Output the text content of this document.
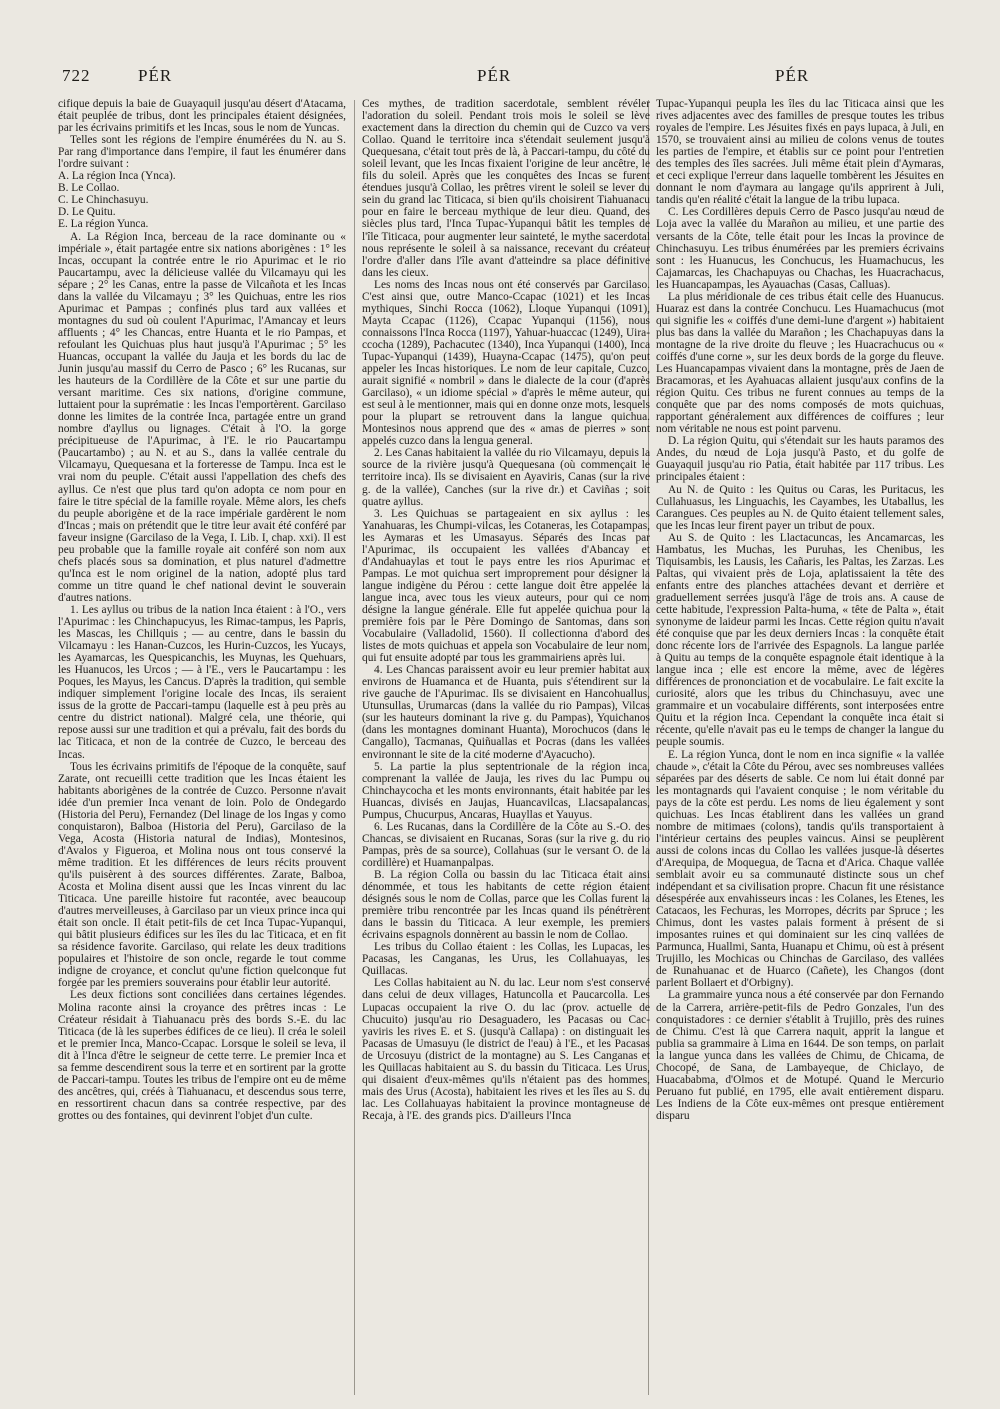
722	PÉR	PÉR	PÉR

cifique depuis la baie de Guayaquil jusqu'au désert d'Atacama, était peuplée de tribus, dont les principales étaient désignées, par les écrivains primitifs et les Incas, sous le nom de Yuncas.

Telles sont les régions de l'empire énumérées du N. au S. Par rang d'importance dans l'empire, il faut les énumérer dans l'ordre suivant :

A. La région Inca (Ynca).

B. Le Collao.

C. Le Chinchasuyu.

D. Le Quitu.

E. La région Yunca.

A. La Région Inca, berceau de la race dominante ou « impériale », était partagée entre six nations aborigènes : 1° les Incas, occupant la contrée entre le rio Apurimac et le rio Paucartampu, avec la délicieuse vallée du Vilcamayu qui les sépare ; 2° les Canas, entre la passe de Vilcañota et les Incas dans la vallée du Vilcamayu ; 3° les Quichuas, entre les rios Apurimac et Pampas ; confinés plus tard aux vallées et montagnes du sud où coulent l'Apurimac, l'Amancay et leurs affluents ; 4° les Chancas, entre Huanta et le rio Pampas, et refoulant les Quichuas plus haut jusqu'à l'Apurimac ; 5° les Huancas, occupant la vallée du Jauja et les bords du lac de Junin jusqu'au massif du Cerro de Pasco ; 6° les Rucanas, sur les hauteurs de la Cordillère de la Côte et sur une partie du versant maritime. Ces six nations, d'origine commune, luttaient pour la suprématie : les Incas l'emportèrent. Garcilaso donne les limites de la contrée Inca, partagée entre un grand nombre d'ayllus ou lignages. C'était à l'O. la gorge précipitueuse de l'Apurimac, à l'E. le rio Paucartampu (Paucartambo) ; au N. et au S., dans la vallée centrale du Vilcamayu, Quequesana et la forteresse de Tampu. Inca est le vrai nom du peuple. C'était aussi l'appellation des chefs des ayllus. Ce n'est que plus tard qu'on adopta ce nom pour en faire le titre spécial de la famille royale. Même alors, les chefs du peuple aborigène et de la race impériale gardèrent le nom d'Incas ; mais on prétendit que le titre leur avait été conféré par faveur insigne (Garcilaso de la Vega, I. Lib. I, chap. xxi). Il est peu probable que la famille royale ait conféré son nom aux chefs placés sous sa domination, et plus naturel d'admettre qu'Inca est le nom originel de la nation, adopté plus tard comme un titre quand le chef national devint le souverain d'autres nations.

1. Les ayllus ou tribus de la nation Inca étaient : à l'O., vers l'Apurimac : les Chinchapucyus, les Rimac-tampus, les Papris, les Mascas, les Chillquis ; — au centre, dans le bassin du Vilcamayu : les Hanan-Cuzcos, les Hurin-Cuzcos, les Yucays, les Ayamarcas, les Quespicanchis, les Muynas, les Quehuars, les Huanucos, les Urcos ; — à l'E., vers le Paucartampu : les Poques, les Mayus, les Cancus. D'après la tradition, qui semble indiquer simplement l'origine locale des Incas, ils seraient issus de la grotte de Paccari-tampu (laquelle est à peu près au centre du district national). Malgré cela, une théorie, qui repose aussi sur une tradition et qui a prévalu, fait des bords du lac Titicaca, et non de la contrée de Cuzco, le berceau des Incas.

Tous les écrivains primitifs de l'époque de la conquête, sauf Zarate, ont recueilli cette tradition que les Incas étaient les habitants aborigènes de la contrée de Cuzco. Personne n'avait idée d'un premier Inca venant de loin. Polo de Ondegardo (Historia del Peru), Fernandez (Del linage de los Ingas y como conquistaron), Balboa (Historia del Peru), Garcilaso de la Vega, Acosta (Historia natural de Indias), Montesinos, d'Avalos y Figueroa, et Molina nous ont tous conservé la même tradition. Et les différences de leurs récits prouvent qu'ils puisèrent à des sources différentes. Zarate, Balboa, Acosta et Molina disent aussi que les Incas vinrent du lac Titicaca. Une pareille histoire fut racontée, avec beaucoup d'autres merveilleuses, à Garcilaso par un vieux prince inca qui était son oncle. Il était petit-fils de cet Inca Tupac-Yupanqui, qui bâtit plusieurs édifices sur les îles du lac Titicaca, et en fit sa résidence favorite. Garcilaso, qui relate les deux traditions populaires et l'histoire de son oncle, regarde le tout comme indigne de croyance, et conclut qu'une fiction quelconque fut forgée par les premiers souverains pour établir leur autorité.

Les deux fictions sont conciliées dans certaines légendes. Molina raconte ainsi la croyance des prêtres incas : Le Créateur résidait à Tiahuanacu près des bords S.-E. du lac Titicaca (de là les superbes édifices de ce lieu). Il créa le soleil et le premier Inca, Manco-Ccapac. Lorsque le soleil se leva, il dit à l'Inca d'être le seigneur de cette terre. Le premier Inca et sa femme descendirent sous la terre et en sortirent par la grotte de Paccari-tampu. Toutes les tribus de l'empire ont eu de même des ancêtres, qui, créés à Tiahuanacu, et descendus sous terre, en ressortirent chacun dans sa contrée respective, par des grottes ou des fontaines, qui devinrent l'objet d'un culte.

Ces mythes, de tradition sacerdotale, semblent révéler l'adoration du soleil. Pendant trois mois le soleil se lève exactement dans la direction du chemin qui de Cuzco va vers Collao. Quand le territoire inca s'étendait seulement jusqu'à Quequesana, c'était tout près de là, à Paccari-tampu, du côté du soleil levant, que les Incas fixaient l'origine de leur ancêtre, le fils du soleil. Après que les conquêtes des Incas se furent étendues jusqu'à Collao, les prêtres virent le soleil se lever du sein du grand lac Titicaca, si bien qu'ils choisirent Tiahuanacu pour en faire le berceau mythique de leur dieu. Quand, des siècles plus tard, l'Inca Tupac-Yupanqui bâtit les temples de l'île Titicaca, pour augmenter leur sainteté, le mythe sacerdotal nous représente le soleil à sa naissance, recevant du créateur l'ordre d'aller dans l'île avant d'atteindre sa place définitive dans les cieux.

Les noms des Incas nous ont été conservés par Garcilaso. C'est ainsi que, outre Manco-Ccapac (1021) et les Incas mythiques, Sinchi Rocca (1062), Lloque Yupanqui (1091), Mayta Ccapac (1126), Ccapac Yupanqui (1156), nous connaissons l'Inca Rocca (1197), Yahuar-huaccac (1249), Uira-ccocha (1289), Pachacutec (1340), Inca Yupanqui (1400), Inca Tupac-Yupanqui (1439), Huayna-Ccapac (1475), qu'on peut appeler les Incas historiques. Le nom de leur capitale, Cuzco, aurait signifié « nombril » dans le dialecte de la cour (d'après Garcilaso), « un idiome spécial » d'après le même auteur, qui est seul à le mentionner, mais qui en donne onze mots, lesquels pour la plupart se retrouvent dans la langue quichua. Montesinos nous apprend que des « amas de pierres » sont appelés cuzco dans la lengua general.

2. Les Canas habitaient la vallée du rio Vilcamayu, depuis la source de la rivière jusqu'à Quequesana (où commençait le territoire inca). Ils se divisaient en Ayaviris, Canas (sur la rive g. de la vallée), Canches (sur la rive dr.) et Caviñas ; soit quatre ayllus.

3. Les Quichuas se partageaient en six ayllus : les Yanahuaras, les Chumpi-vilcas, les Cotaneras, les Cotapampas, les Aymaras et les Umasayus. Séparés des Incas par l'Apurimac, ils occupaient les vallées d'Abancay et d'Andahuaylas et tout le pays entre les rios Apurimac et Pampas. Le mot quichua sert improprement pour désigner la langue indigène du Pérou : cette langue doit être appelée la langue inca, avec tous les vieux auteurs, pour qui ce nom désigne la langue générale. Elle fut appelée quichua pour la première fois par le Père Domingo de Santomas, dans son Vocabulaire (Valladolid, 1560). Il collectionna d'abord des listes de mots quichuas et appela son Vocabulaire de leur nom, qui fut ensuite adopté par tous les grammairiens après lui.

4. Les Chancas paraissent avoir eu leur premier habitat aux environs de Huamanca et de Huanta, puis s'étendirent sur la rive gauche de l'Apurimac. Ils se divisaient en Hancohuallus, Utunsullas, Urumarcas (dans la vallée du rio Pampas), Vilcas (sur les hauteurs dominant la rive g. du Pampas), Yquichanos (dans les montagnes dominant Huanta), Morochucos (dans le Cangallo), Tacmanas, Quiñuallas et Pocras (dans les vallées environnant le site de la cité moderne d'Ayacucho).

5. La partie la plus septentrionale de la région inca, comprenant la vallée de Jauja, les rives du lac Pumpu ou Chinchaycocha et les monts environnants, était habitée par les Huancas, divisés en Jaujas, Huancavilcas, Llacsapalancas, Pumpus, Chucurpus, Ancaras, Huayllas et Yauyus.

6. Les Rucanas, dans la Cordillère de la Côte au S.-O. des Chancas, se divisaient en Rucanas, Soras (sur la rive g. du rio Pampas, près de sa source), Collahuas (sur le versant O. de la cordillère) et Huamanpalpas.

B. La région Colla ou bassin du lac Titicaca était ainsi dénommée, et tous les habitants de cette région étaient désignés sous le nom de Collas, parce que les Collas furent la première tribu rencontrée par les Incas quand ils pénétrèrent dans le bassin du Titicaca. A leur exemple, les premiers écrivains espagnols donnèrent au bassin le nom de Collao.

Les tribus du Collao étaient : les Collas, les Lupacas, les Pacasas, les Canganas, les Urus, les Collahuayas, les Quillacas.

Les Collas habitaient au N. du lac. Leur nom s'est conservé dans celui de deux villages, Hatuncolla et Paucarcolla. Les Lupacas occupaient la rive O. du lac (prov. actuelle de Chucuito) jusqu'au rio Desaguadero, les Pacasas ou Cac-yaviris les rives E. et S. (jusqu'à Callapa) : on distinguait les Pacasas de Umasuyu (le district de l'eau) à l'E., et les Pacasas de Urcosuyu (district de la montagne) au S. Les Canganas et les Quillacas habitaient au S. du bassin du Titicaca. Les Urus, qui disaient d'eux-mêmes qu'ils n'étaient pas des hommes, mais des Urus (Acosta), habitaient les rives et les îles au S. du lac. Les Collahuayas habitaient la province montagneuse de Recaja, à l'E. des grands pics. D'ailleurs l'Inca

Tupac-Yupanqui peupla les îles du lac Titicaca ainsi que les rives adjacentes avec des familles de presque toutes les tribus royales de l'empire. Les Jésuites fixés en pays lupaca, à Juli, en 1570, se trouvaient ainsi au milieu de colons venus de toutes les parties de l'empire, et établis sur ce point pour l'entretien des temples des îles sacrées. Juli même était plein d'Aymaras, et ceci explique l'erreur dans laquelle tombèrent les Jésuites en donnant le nom d'aymara au langage qu'ils apprirent à Juli, tandis qu'en réalité c'était la langue de la tribu lupaca.

C. Les Cordillères depuis Cerro de Pasco jusqu'au nœud de Loja avec la vallée du Marañon au milieu, et une partie des versants de la Côte, telle était pour les Incas la province de Chinchasuyu. Les tribus énumérées par les premiers écrivains sont : les Huanucus, les Conchucus, les Huamachucus, les Cajamarcas, les Chachapuyas ou Chachas, les Huacrachacus, les Huancapampas, les Ayauachas (Casas, Calluas).

La plus méridionale de ces tribus était celle des Huanucus. Huaraz est dans la contrée Conchucu. Les Huamachucus (mot qui signifie les « coiffés d'une demi-lune d'argent ») habitaient plus bas dans la vallée du Marañon ; les Chachapuyas dans la montagne de la rive droite du fleuve ; les Huacrachucus ou « coiffés d'une corne », sur les deux bords de la gorge du fleuve. Les Huancapampas vivaient dans la montagne, près de Jaen de Bracamoras, et les Ayahuacas allaient jusqu'aux confins de la région Quitu. Ces tribus ne furent connues au temps de la conquête que par des noms composés de mots quichuas, rapportant généralement aux différences de coiffures ; leur nom véritable ne nous est point parvenu.

D. La région Quitu, qui s'étendait sur les hauts paramos des Andes, du nœud de Loja jusqu'à Pasto, et du golfe de Guayaquil jusqu'au rio Patia, était habitée par 117 tribus. Les principales étaient :

Au N. de Quito : les Quitus ou Caras, les Puritacus, les Cullahuasus, les Linguachis, les Cayambes, les Utaballus, les Carangues. Ces peuples au N. de Quito étaient tellement sales, que les Incas leur firent payer un tribut de poux.

Au S. de Quito : les Llactacuncas, les Ancamarcas, les Hambatus, les Muchas, les Puruhas, les Chenibus, les Tiquisambis, les Lausis, les Cañaris, les Paltas, les Zarzas. Les Paltas, qui vivaient près de Loja, aplatissaient la tête des enfants entre des planches attachées devant et derrière et graduellement serrées jusqu'à l'âge de trois ans. A cause de cette habitude, l'expression Palta-huma, « tête de Palta », était synonyme de laideur parmi les Incas. Cette région quitu n'avait été conquise que par les deux derniers Incas : la conquête était donc récente lors de l'arrivée des Espagnols. La langue parlée à Quitu au temps de la conquête espagnole était identique à la langue inca ; elle est encore la même, avec de légères différences de prononciation et de vocabulaire. Le fait excite la curiosité, alors que les tribus du Chinchasuyu, avec une grammaire et un vocabulaire différents, sont interposées entre Quitu et la région Inca. Cependant la conquête inca était si récente, qu'elle n'avait pas eu le temps de changer la langue du peuple soumis.

E. La région Yunca, dont le nom en inca signifie « la vallée chaude », c'était la Côte du Pérou, avec ses nombreuses vallées séparées par des déserts de sable. Ce nom lui était donné par les montagnards qui l'avaient conquise ; le nom véritable du pays de la côte est perdu. Les noms de lieu également y sont quichuas. Les Incas établirent dans les vallées un grand nombre de mitimaes (colons), tandis qu'ils transportaient à l'intérieur certains des peuples vaincus. Ainsi se peuplèrent aussi de colons incas du Collao les vallées jusque-là désertes d'Arequipa, de Moquegua, de Tacna et d'Arica. Chaque vallée semblait avoir eu sa communauté distincte sous un chef indépendant et sa civilisation propre. Chacun fit une résistance désespérée aux envahisseurs incas : les Colanes, les Etenes, les Catacaos, les Fechuras, les Morropes, décrits par Spruce ; les Chimus, dont les vastes palais forment à présent de si imposantes ruines et qui dominaient sur les cinq vallées de Parmunca, Huallmi, Santa, Huanapu et Chimu, où est à présent Trujillo, les Mochicas ou Chinchas de Garcilaso, des vallées de Runahuanac et de Huarco (Cañete), les Changos (dont parlent Bollaert et d'Orbigny).

La grammaire yunca nous a été conservée par don Fernando de la Carrera, arrière-petit-fils de Pedro Gonzales, l'un des conquistadores : ce dernier s'établit à Trujillo, près des ruines de Chimu. C'est là que Carrera naquit, apprit la langue et publia sa grammaire à Lima en 1644. De son temps, on parlait la langue yunca dans les vallées de Chimu, de Chicama, de Chocopé, de Sana, de Lambayeque, de Chiclayo, de Huacababma, d'Olmos et de Motupé. Quand le Mercurio Peruano fut publié, en 1795, elle avait entièrement disparu. Les Indiens de la Côte eux-mêmes ont presque entièrement disparu
